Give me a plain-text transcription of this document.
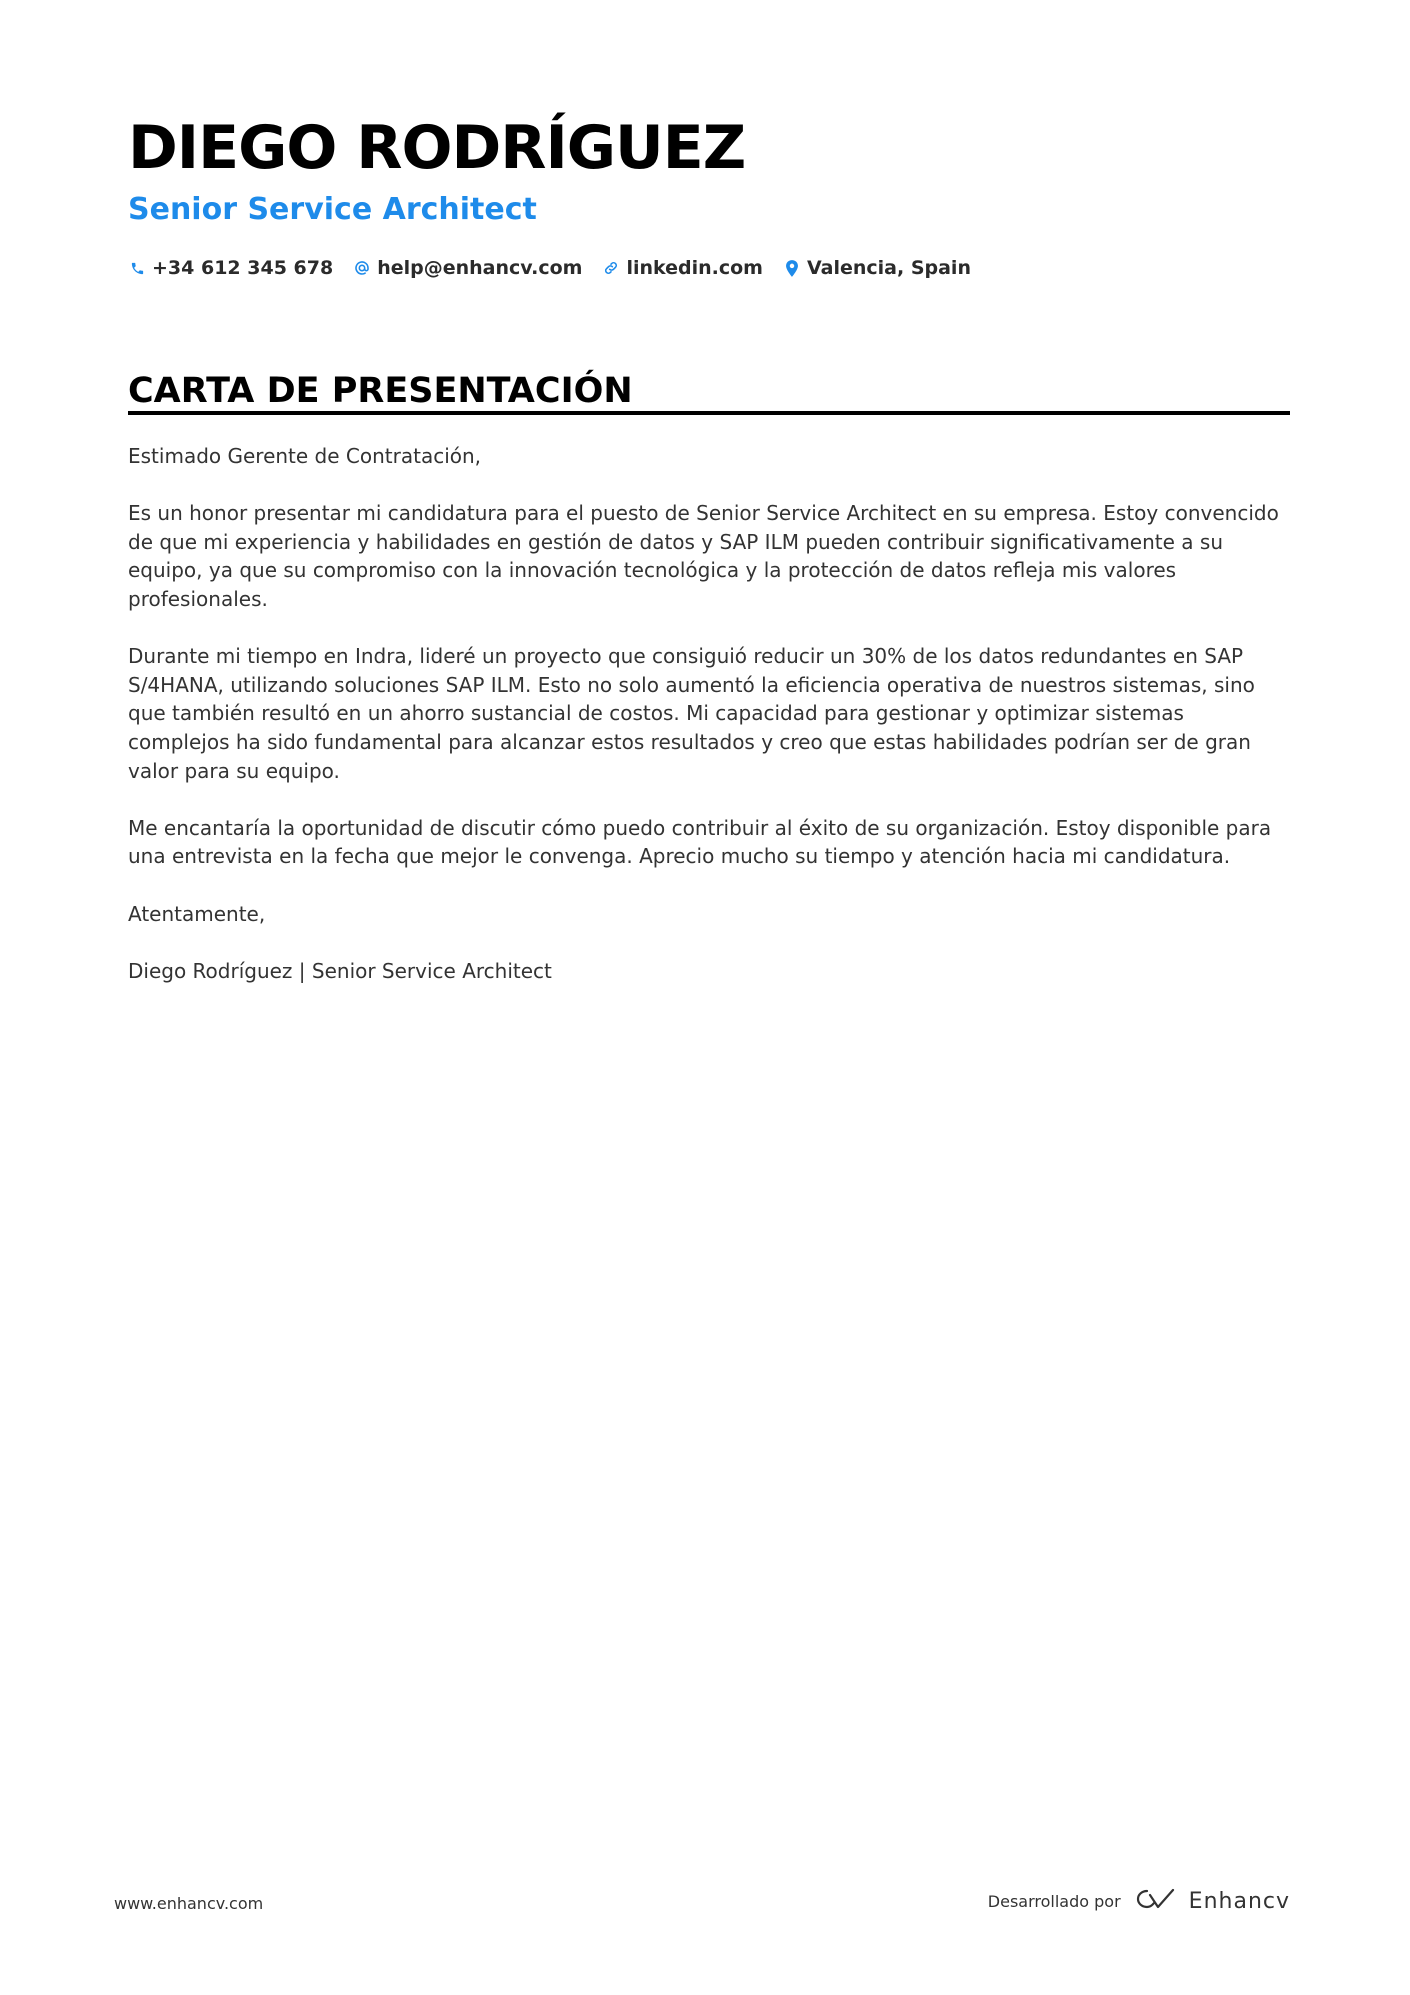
DIEGO RODRÍGUEZ
Senior Service Architect
+34 612 345 678 help@enhancv.com linkedin.com Valencia, Spain
CARTA DE PRESENTACIÓN

Estimado Gerente de Contratación,

Es un honor presentar mi candidatura para el puesto de Senior Service Architect en su empresa. Estoy convencido de que mi experiencia y habilidades en gestión de datos y SAP ILM pueden contribuir significativamente a su equipo, ya que su compromiso con la innovación tecnológica y la protección de datos refleja mis valores profesionales.

Durante mi tiempo en Indra, lideré un proyecto que consiguió reducir un 30% de los datos redundantes en SAP S/4HANA, utilizando soluciones SAP ILM. Esto no solo aumentó la eficiencia operativa de nuestros sistemas, sino que también resultó en un ahorro sustancial de costos. Mi capacidad para gestionar y optimizar sistemas complejos ha sido fundamental para alcanzar estos resultados y creo que estas habilidades podrían ser de gran valor para su equipo.

Me encantaría la oportunidad de discutir cómo puedo contribuir al éxito de su organización. Estoy disponible para una entrevista en la fecha que mejor le convenga. Aprecio mucho su tiempo y atención hacia mi candidatura.

Atentamente,

Diego Rodríguez | Senior Service Architect

www.enhancv.com	Desarrollado por	Enhancv
